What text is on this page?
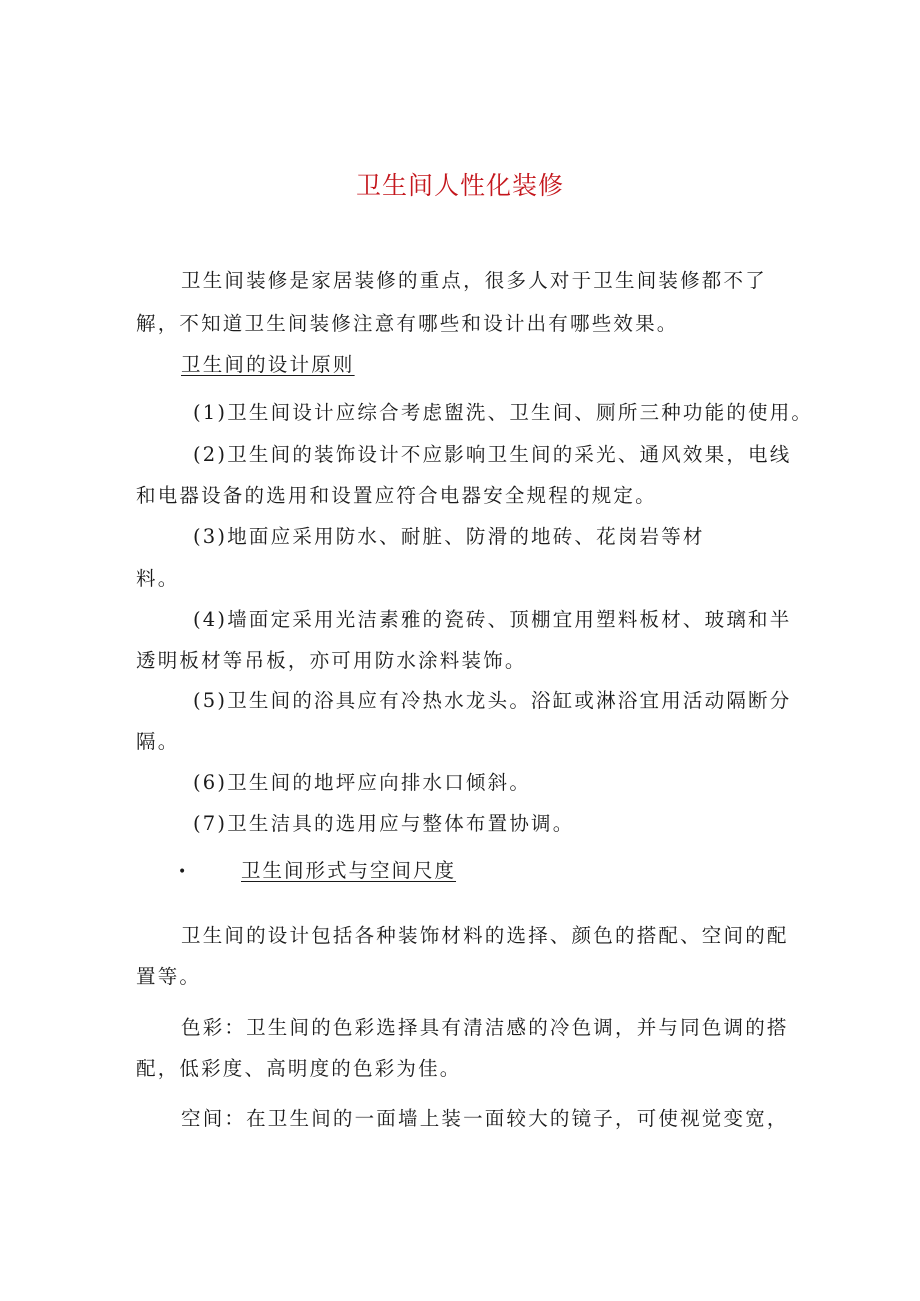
卫生间人性化装修
卫生间装修是家居装修的重点，很多人对于卫生间装修都不了
解，不知道卫生间装修注意有哪些和设计出有哪些效果。
卫生间的设计原则
(1)卫生间设计应综合考虑盥洗、卫生间、厕所三种功能的使用。
(2)卫生间的装饰设计不应影响卫生间的采光、通风效果，电线
和电器设备的选用和设置应符合电器安全规程的规定。
(3)地面应采用防水、耐脏、防滑的地砖、花岗岩等材
料。
(4)墙面定采用光洁素雅的瓷砖、顶棚宜用塑料板材、玻璃和半
透明板材等吊板，亦可用防水涂料装饰。
(5)卫生间的浴具应有冷热水龙头。浴缸或淋浴宜用活动隔断分
隔。
(6)卫生间的地坪应向排水口倾斜。
(7)卫生洁具的选用应与整体布置协调。
•	卫生间形式与空间尺度
卫生间的设计包括各种装饰材料的选择、颜色的搭配、空间的配
置等。
色彩：卫生间的色彩选择具有清洁感的冷色调，并与同色调的搭
配，低彩度、高明度的色彩为佳。
空间：在卫生间的一面墙上装一面较大的镜子，可使视觉变宽，
